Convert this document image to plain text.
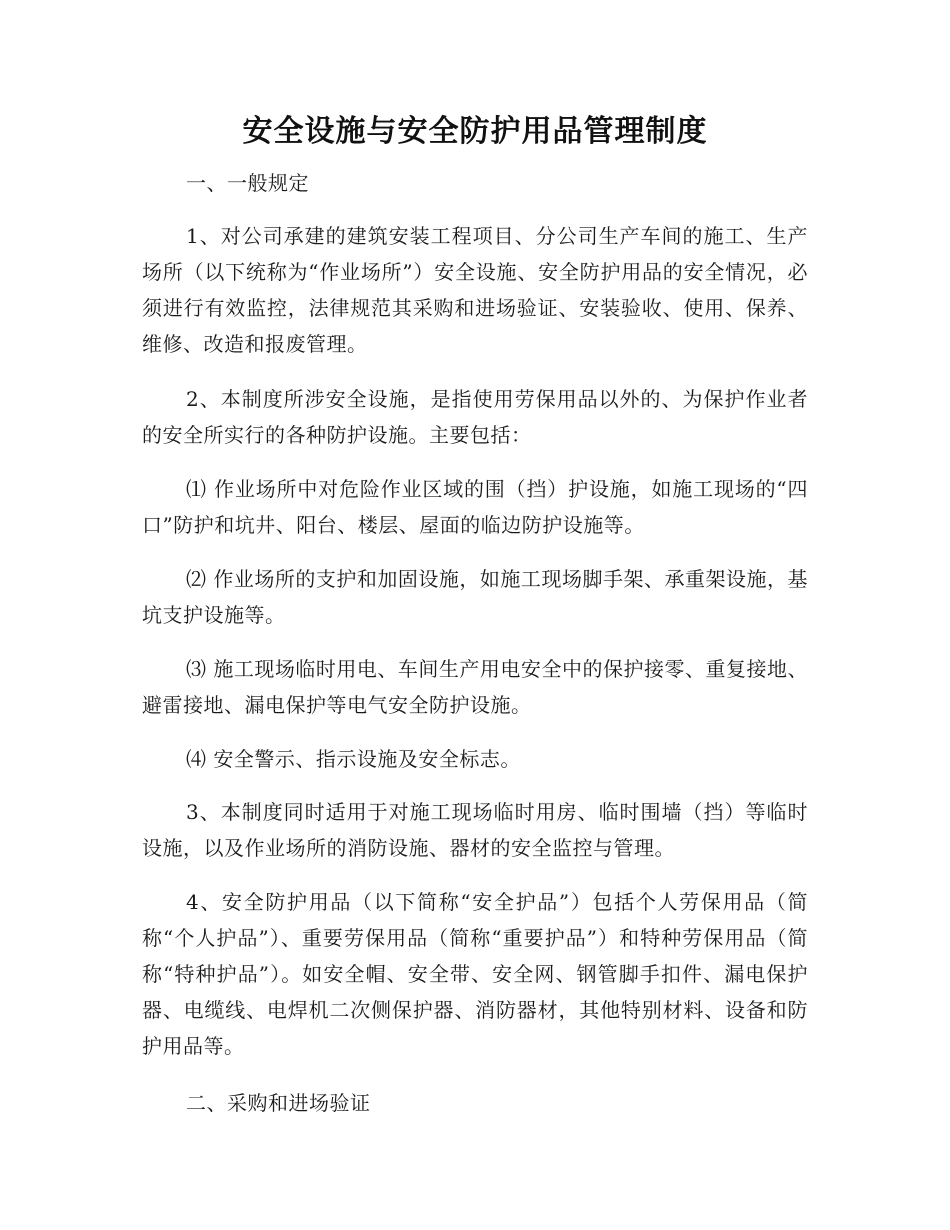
安全设施与安全防护用品管理制度

一、一般规定

1、对公司承建的建筑安装工程项目、分公司生产车间的施工、生产场所（以下统称为“作业场所”）安全设施、安全防护用品的安全情况，必须进行有效监控，法律规范其采购和进场验证、安装验收、使用、保养、维修、改造和报废管理。

2、本制度所涉安全设施，是指使用劳保用品以外的、为保护作业者的安全所实行的各种防护设施。主要包括：

⑴ 作业场所中对危险作业区域的围（挡）护设施，如施工现场的“四口”防护和坑井、阳台、楼层、屋面的临边防护设施等。

⑵ 作业场所的支护和加固设施，如施工现场脚手架、承重架设施，基坑支护设施等。

⑶ 施工现场临时用电、车间生产用电安全中的保护接零、重复接地、避雷接地、漏电保护等电气安全防护设施。

⑷ 安全警示、指示设施及安全标志。

3、本制度同时适用于对施工现场临时用房、临时围墙（挡）等临时设施，以及作业场所的消防设施、器材的安全监控与管理。

4、安全防护用品（以下简称“安全护品”）包括个人劳保用品（简称“个人护品”）、重要劳保用品（简称“重要护品”）和特种劳保用品（简称“特种护品”）。如安全帽、安全带、安全网、钢管脚手扣件、漏电保护器、电缆线、电焊机二次侧保护器、消防器材，其他特别材料、设备和防护用品等。

二、采购和进场验证
